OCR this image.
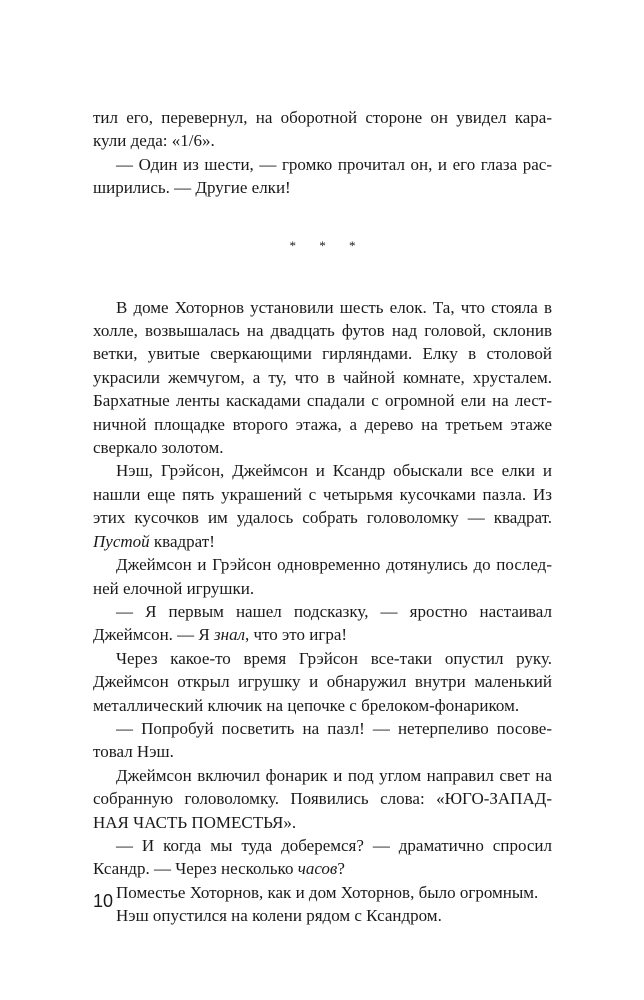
тил его, перевернул, на оборотной стороне он увидел кара-кули деда: «1/6».

— Один из шести, — громко прочитал он, и его глаза рас-ширились. — Другие елки!

* * *

В доме Хоторнов установили шесть елок. Та, что стояла в холле, возвышалась на двадцать футов над головой, склонив ветки, увитые сверкающими гирляндами. Елку в столовой украсили жемчугом, а ту, что в чайной комнате, хрусталем. Бархатные ленты каскадами спадали с огромной ели на лест-ничной площадке второго этажа, а дерево на третьем этаже сверкало золотом.

Нэш, Грэйсон, Джеймсон и Ксандр обыскали все елки и нашли еще пять украшений с четырьмя кусочками пазла. Из этих кусочков им удалось собрать головоломку — квадрат. Пустой квадрат!

Джеймсон и Грэйсон одновременно дотянулись до послед-ней елочной игрушки.

— Я первым нашел подсказку, — яростно настаивал Джеймсон. — Я знал, что это игра!

Через какое-то время Грэйсон все-таки опустил руку. Джеймсон открыл игрушку и обнаружил внутри маленький металлический ключик на цепочке с брелоком-фонариком.

— Попробуй посветить на пазл! — нетерпеливо посове-товал Нэш.

Джеймсон включил фонарик и под углом направил свет на собранную головоломку. Появились слова: «ЮГО-ЗАПАД-НАЯ ЧАСТЬ ПОМЕСТЬЯ».

— И когда мы туда доберемся? — драматично спросил Ксандр. — Через несколько часов?

Поместье Хоторнов, как и дом Хоторнов, было огромным.

Нэш опустился на колени рядом с Ксандром.

10
